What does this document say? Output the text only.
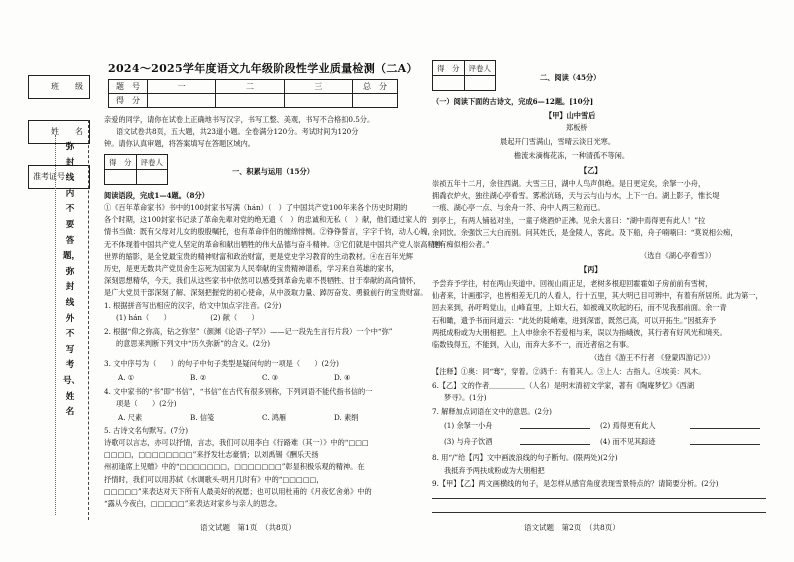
班　　级
姓　　名
准考证号
弥封线内不要答题，弥封线外不写考号、姓名
2024～2025学年度语文九年级阶段性学业质量检测（二A）
题　号	一	二	三	总　分
得　分				
亲爱的同学，请你在试卷上正确地书写汉字，书写工整、美观，书写不合格扣0.5分。
语文试卷共8页，五大题，共23道小题。全卷满分120分。考试时间为120分
钟。请你认真审题，将答案填写在答题区域内。
得　分	评卷人

一、积累与运用（15分）
阅读语段，完成1—4题。（8分）
①《百年革命家书》书中的100封家书写满（hán）（　）了中国共产党100年来各个历史时期的
各个时期，这100封家书记录了革命先辈对党的绝无遗（　）的忠诚和无私（　）献，他们通过家人的
情书当做：既有父母对儿女的殷殷嘱托，也有革命伴侣的缠绵悱恻。②铮铮誓言，字字千钧，动人心魄，
无不体现着中国共产党人坚定的革命和献出牺牲的伟大品德与奋斗精神。③它们就是中国共产党人崇高精神
世界的缩影，是全党最宝贵的精神财富和政治财富，更是党史学习教育的生动教材。④在百年光辉
历史，是更无数共产党员舍生忘死为国家为人民奉献的宝贵精神谱系，学习来自英雄的家书，
深刻思想精华，今天，我们从这些家书中依然可以感受到革命先辈不畏牺牲、甘于奉献的高尚情怀，
是广大党员干部深刻了解、深刻把握党的初心使命，从中汲取力量、踔厉奋发、勇毅前行的宝贵财富。
1. 根据拼音写出相应的汉字，给文中加点字注音。(2分)
(1) hán（　　）　　　　　　(2) 献（　　）
2. 根据“仰之弥高，钻之弥坚”（颜渊《论语·子罕》）——记一段先生言行片段）一个中“弥”
的意思来判断下列文中“历久弥新”的含义。(2分)
3. 文中序号为（　　）的句子中句子类型是疑问句的一项是（　　）(2分)
A. ①	B. ②	C. ③	D. ④
4. 文中家书的“书”即“书信”，“书信”在古代有很多别称，下列词语不能代指书信的一
项是（　　）(2分)
A. 尺素	B. 信笺	C. 鸿雁	D. 素绢
5. 古诗文名句默写。(7分)
诗歌可以言志，亦可以抒情，言志，我们可以用李白《行路难（其一）》中的“□□□
□□□□，□□□□□□□□”来抒发壮志豪情；以刘禹锡《酬乐天扬
州初逢席上见赠》中的“□□□□□□□，□□□□□□□”彰显积极乐观的精神。在
抒情时，我们可以用苏轼《水调歌头·明月几时有》中的“□□□□□，
□□□□□”来表达对天下所有人最美好的祝愿；也可以用杜甫的《月夜忆舍弟》中的
“露从今夜白，□□□□□”来表达对家乡与亲人的思念。
语文试题　第1页　（共8页）
得　分	评卷人

二、阅读（45分）
（一）阅读下面的古诗文，完成6—12题。[10分]
【甲】山中雪后
郑板桥
晨起开门雪满山，雪晴云淡日光寒。
檐流未滴梅花冻，一种清孤不等闲。
【乙】
崇祯五年十二月，余住西湖。大雪三日，湖中人鸟声俱绝。是日更定矣，余拏一小舟，
拥毳衣炉火，独往湖心亭看雪。雾凇沆砀，天与云与山与水，上下一白。湖上影子，惟长堤
一痕、湖心亭一点、与余舟一芥、舟中人两三粒而已。
到亭上，有两人铺毡对坐，一童子烧酒炉正沸。见余大喜曰：“湖中焉得更有此人！”拉
余同饮。余强饮三大白而别。问其姓氏，是金陵人，客此。及下船，舟子喃喃曰：“莫说相公痴，
更有痴似相公者。”
（选自《湖心亭看雪》）
【丙】
予尝弃予学往，村在两山夹道中。回视山雨正足，老树多根迎回霍霍如子房前前有雪树，
仙者来，计画那字，也皆相差无几的人看人，行十五里，其大明已目可辨中，有着有所居所。此为第一，
回去来到，孙吁鸣觉山，山峰直里，上如大石，如被魂又吹起的石，而不见我那前面。余一青
石和瞰，遗予书而问道云：“此处的陡峭难，进到深雷，既然已高，可以开拓生。”因抵弃予
两抵成粉或为大朋相把。上人申徐余不若爱相与来，误以为指峨彼，其行者有好风光和境夹。
临数钱得五，不能到，入山，而弃大多不一，而近者宿之有事。
（选自《游王不行者 《登蒙四游记》》）
【注释】①奥：同“骞”，穿着。②鸿千：有着其人。③上人：古指人。④埃美：风木。
6.【乙】文的作者＿＿＿＿＿（人名）是明末清初文学家，著有《陶庵梦忆》《西湖
梦寻》。(1分)
7. 解释加点词语在文中的意思。(2分)
(1) 余拏一小舟	(2) 焉得更有此人
(3) 与舟子饮酒	(4) 而不见其踪迹
8. 用“/”给【丙】文中画波浪线的句子断句。(限两处)(2分)
我抵弃予两扶成粉或为大朋相把
9.【甲】【乙】两文画横线的句子，是怎样从感官角度表现雪景特点的？请简要分析。(2分)
语文试题　第2页　（共8页）
